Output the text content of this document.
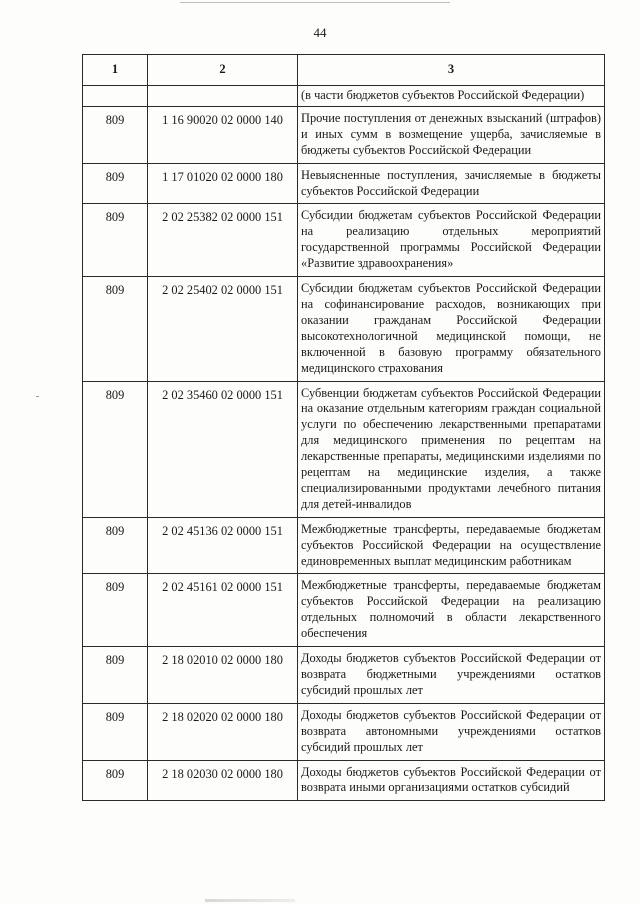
44
1	2	3
		(в части бюджетов субъектов Российской Федерации)
809	1 16 90020 02 0000 140	Прочие поступления от денежных взысканий (штрафов) и иных сумм в возмещение ущерба, зачисляемые в бюджеты субъектов Российской Федерации
809	1 17 01020 02 0000 180	Невыясненные поступления, зачисляемые в бюджеты субъектов Российской Федерации
809	2 02 25382 02 0000 151	Субсидии бюджетам субъектов Российской Федерации на реализацию отдельных мероприятий государственной программы Российской Федерации «Развитие здравоохранения»
809	2 02 25402 02 0000 151	Субсидии бюджетам субъектов Российской Федерации на софинансирование расходов, возникающих при оказании гражданам Российской Федерации высокотехнологичной медицинской помощи, не включенной в базовую программу обязательного медицинского страхования
809	2 02 35460 02 0000 151	Субвенции бюджетам субъектов Российской Федерации на оказание отдельным категориям граждан социальной услуги по обеспечению лекарственными препаратами для медицинского применения по рецептам на лекарственные препараты, медицинскими изделиями по рецептам на медицинские изделия, а также специализированными продуктами лечебного питания для детей-инвалидов
809	2 02 45136 02 0000 151	Межбюджетные трансферты, передаваемые бюджетам субъектов Российской Федерации на осуществление единовременных выплат медицинским работникам
809	2 02 45161 02 0000 151	Межбюджетные трансферты, передаваемые бюджетам субъектов Российской Федерации на реализацию отдельных полномочий в области лекарственного обеспечения
809	2 18 02010 02 0000 180	Доходы бюджетов субъектов Российской Федерации от возврата бюджетными учреждениями остатков субсидий прошлых лет
809	2 18 02020 02 0000 180	Доходы бюджетов субъектов Российской Федерации от возврата автономными учреждениями остатков субсидий прошлых лет
809	2 18 02030 02 0000 180	Доходы бюджетов субъектов Российской Федерации от возврата иными организациями остатков субсидий
